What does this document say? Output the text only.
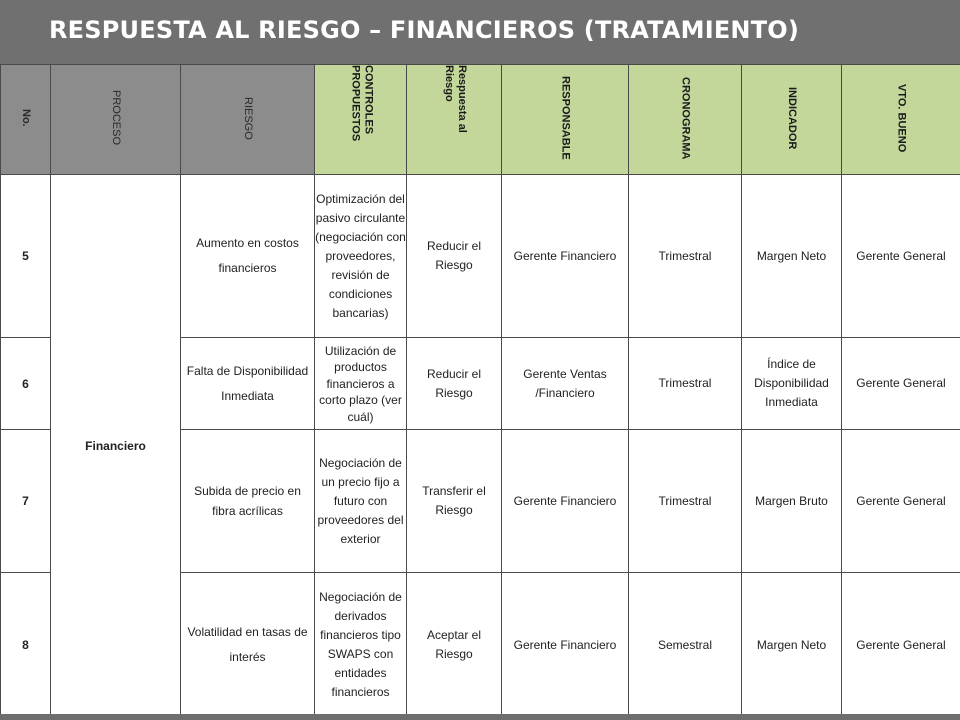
RESPUESTA AL RIESGO – FINANCIEROS (TRATAMIENTO)
No.	PROCESO	RIESGO	CONTROLES PROPUESTOS	Respuesta al Riesgo	RESPONSABLE	CRONOGRAMA	INDICADOR	VTO. BUENO
5	Financiero	Aumento en costos financieros	Optimización del pasivo circulante (negociación con proveedores, revisión de condiciones bancarias)	Reducir el Riesgo	Gerente Financiero	Trimestral	Margen Neto	Gerente General
6		Falta de Disponibilidad Inmediata	Utilización de productos financieros a corto plazo (ver cuál)	Reducir el Riesgo	Gerente Ventas /Financiero	Trimestral	Índice de Disponibilidad Inmediata	Gerente General
7		Subida de precio en fibra acrílicas	Negociación de un precio fijo a futuro con proveedores del exterior	Transferir el Riesgo	Gerente Financiero	Trimestral	Margen Bruto	Gerente General
8		Volatilidad en tasas de interés	Negociación de derivados financieros tipo SWAPS con entidades financieros	Aceptar el Riesgo	Gerente Financiero	Semestral	Margen Neto	Gerente General
